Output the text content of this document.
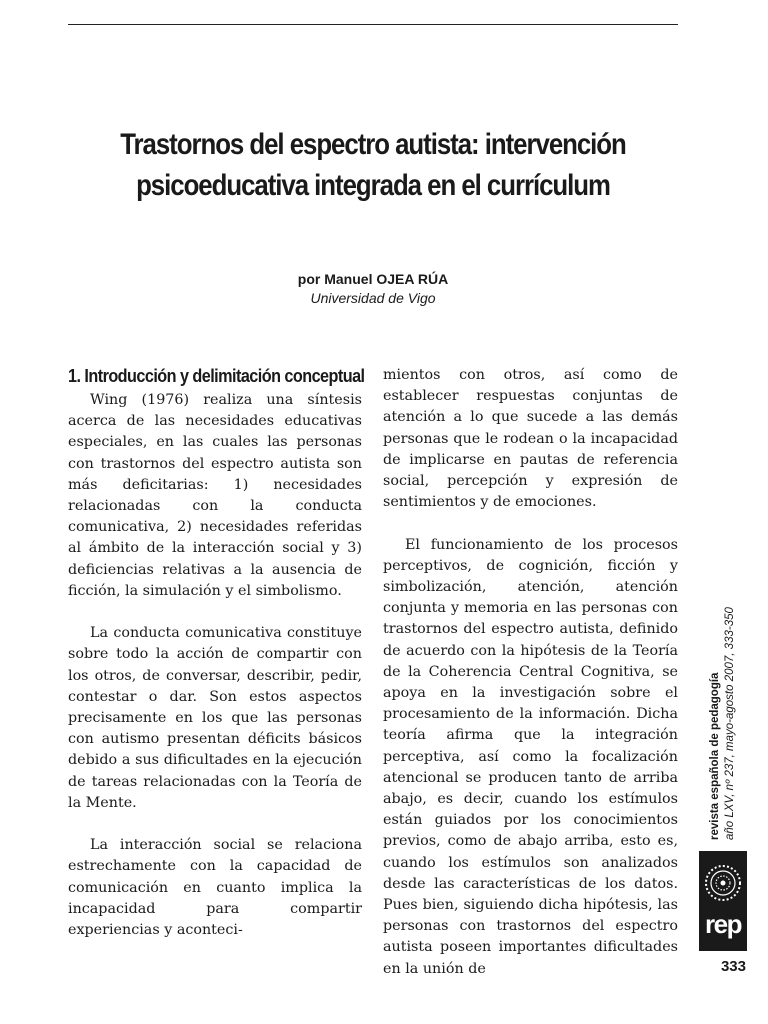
Trastornos del espectro autista: intervención
psicoeducativa integrada en el currículum
por Manuel OJEA RÚA
Universidad de Vigo
1. Introducción y delimitación conceptual

Wing (1976) realiza una síntesis acerca de las necesidades educativas especiales, en las cuales las personas con trastornos del espectro autista son más deficitarias: 1) necesidades relacionadas con la conducta comunicativa, 2) necesidades referidas al ámbito de la interacción social y 3) deficiencias relativas a la ausencia de ficción, la simulación y el simbolismo.

La conducta comunicativa constituye sobre todo la acción de compartir con los otros, de conversar, describir, pedir, contestar o dar. Son estos aspectos precisamente en los que las personas con autismo presentan déficits básicos debido a sus dificultades en la ejecución de tareas relacionadas con la Teoría de la Mente.

La interacción social se relaciona estrechamente con la capacidad de comunicación en cuanto implica la incapacidad para compartir experiencias y aconteci-

mientos con otros, así como de establecer respuestas conjuntas de atención a lo que sucede a las demás personas que le rodean o la incapacidad de implicarse en pautas de referencia social, percepción y expresión de sentimientos y de emociones.

El funcionamiento de los procesos perceptivos, de cognición, ficción y simbolización, atención, atención conjunta y memoria en las personas con trastornos del espectro autista, definido de acuerdo con la hipótesis de la Teoría de la Coherencia Central Cognitiva, se apoya en la investigación sobre el procesamiento de la información. Dicha teoría afirma que la integración perceptiva, así como la focalización atencional se producen tanto de arriba abajo, es decir, cuando los estímulos están guiados por los conocimientos previos, como de abajo arriba, esto es, cuando los estímulos son analizados desde las características de los datos. Pues bien, siguiendo dicha hipótesis, las personas con trastornos del espectro autista poseen importantes dificultades en la unión de

revista española de pedagogía año LXV, nº 237, mayo-agosto 2007, 333-350
rep
333
